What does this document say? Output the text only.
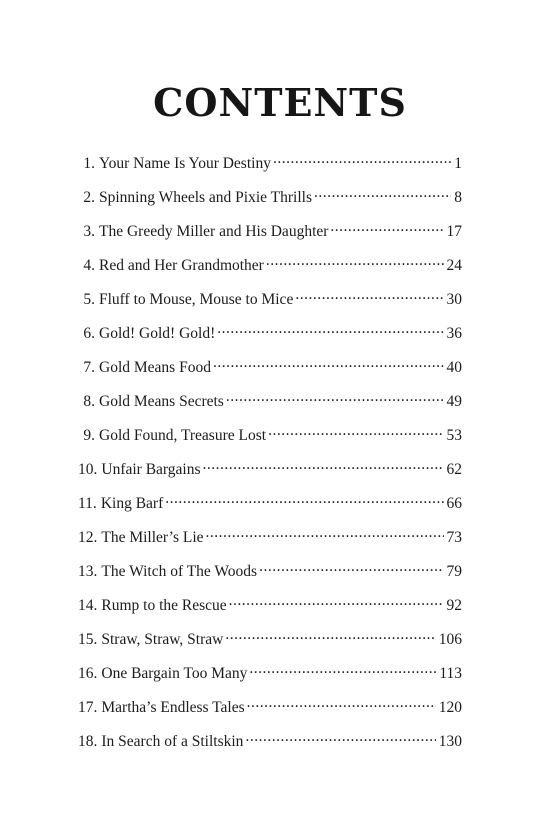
CONTENTS
1. Your Name Is Your Destiny .....	1
2. Spinning Wheels and Pixie Thrills .....	8
3. The Greedy Miller and His Daughter .....	17
4. Red and Her Grandmother .....	24
5. Fluff to Mouse, Mouse to Mice .....	30
6. Gold! Gold! Gold! .....	36
7. Gold Means Food .....	40
8. Gold Means Secrets .....	49
9. Gold Found, Treasure Lost .....	53
10. Unfair Bargains .....	62
11. King Barf .....	66
12. The Miller’s Lie .....	73
13. The Witch of The Woods .....	79
14. Rump to the Rescue .....	92
15. Straw, Straw, Straw .....	106
16. One Bargain Too Many .....	113
17. Martha’s Endless Tales .....	120
18. In Search of a Stiltskin .....	130
